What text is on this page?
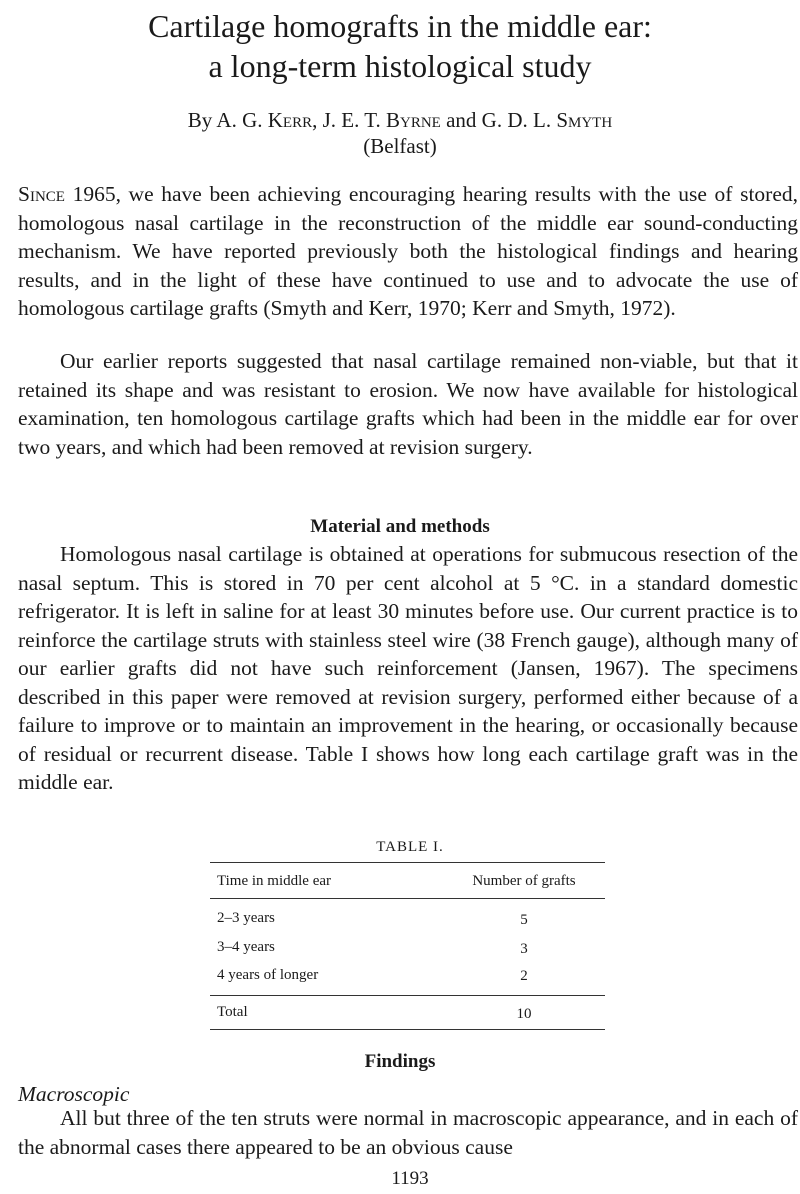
Cartilage homografts in the middle ear:
a long-term histological study
By A. G. Kerr, J. E. T. Byrne and G. D. L. Smyth
(Belfast)

Since 1965, we have been achieving encouraging hearing results with the use of stored, homologous nasal cartilage in the reconstruction of the middle ear sound-conducting mechanism. We have reported previously both the histological findings and hearing results, and in the light of these have continued to use and to advocate the use of homologous cartilage grafts (Smyth and Kerr, 1970; Kerr and Smyth, 1972).

Our earlier reports suggested that nasal cartilage remained non-viable, but that it retained its shape and was resistant to erosion. We now have available for histological examination, ten homologous cartilage grafts which had been in the middle ear for over two years, and which had been removed at revision surgery.

Material and methods

Homologous nasal cartilage is obtained at operations for submucous resection of the nasal septum. This is stored in 70 per cent alcohol at 5 °C. in a standard domestic refrigerator. It is left in saline for at least 30 minutes before use. Our current practice is to reinforce the cartilage struts with stainless steel wire (38 French gauge), although many of our earlier grafts did not have such reinforcement (Jansen, 1967). The specimens described in this paper were removed at revision surgery, performed either because of a failure to improve or to maintain an improvement in the hearing, or occasionally because of residual or recurrent disease. Table I shows how long each cartilage graft was in the middle ear.

TABLE I.
Time in middle ear	Number of grafts
2–3 years	5
3–4 years	3
4 years of longer	2
Total	10
Findings
Macroscopic

All but three of the ten struts were normal in macroscopic appearance, and in each of the abnormal cases there appeared to be an obvious cause

1193
